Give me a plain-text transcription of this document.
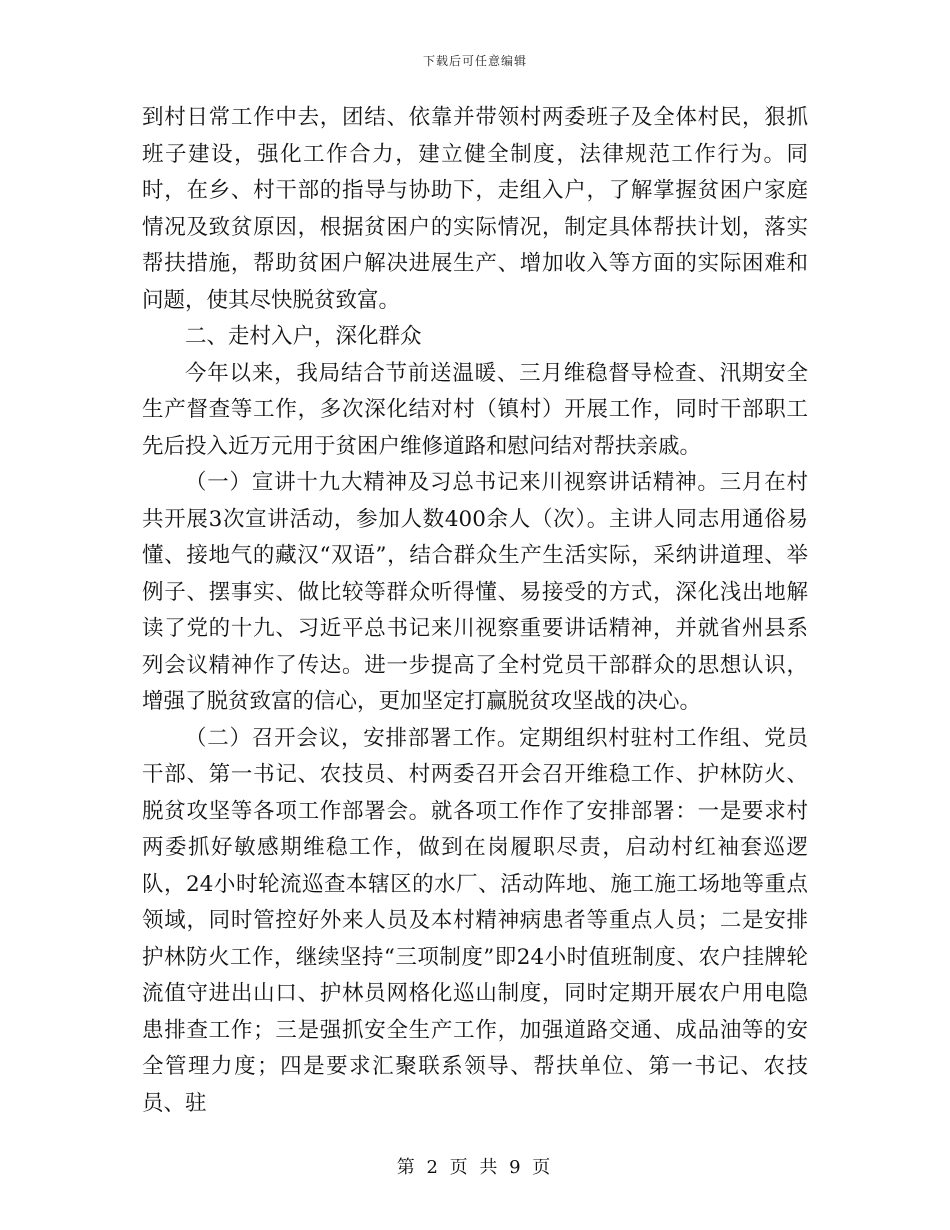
下载后可任意编辑

到村日常工作中去，团结、依靠并带领村两委班子及全体村民，狠抓班子建设，强化工作合力，建立健全制度，法律规范工作行为。同时，在乡、村干部的指导与协助下，走组入户，了解掌握贫困户家庭情况及致贫原因，根据贫困户的实际情况，制定具体帮扶计划，落实帮扶措施，帮助贫困户解决进展生产、增加收入等方面的实际困难和问题，使其尽快脱贫致富。

二、走村入户，深化群众

今年以来，我局结合节前送温暖、三月维稳督导检查、汛期安全生产督查等工作，多次深化结对村（镇村）开展工作，同时干部职工先后投入近万元用于贫困户维修道路和慰问结对帮扶亲戚。

（一）宣讲十九大精神及习总书记来川视察讲话精神。三月在村共开展3次宣讲活动，参加人数400余人（次）。主讲人同志用通俗易懂、接地气的藏汉“双语”，结合群众生产生活实际，采纳讲道理、举例子、摆事实、做比较等群众听得懂、易接受的方式，深化浅出地解读了党的十九、习近平总书记来川视察重要讲话精神，并就省州县系列会议精神作了传达。进一步提高了全村党员干部群众的思想认识，增强了脱贫致富的信心，更加坚定打赢脱贫攻坚战的决心。

（二）召开会议，安排部署工作。定期组织村驻村工作组、党员干部、第一书记、农技员、村两委召开会召开维稳工作、护林防火、脱贫攻坚等各项工作部署会。就各项工作作了安排部署：一是要求村两委抓好敏感期维稳工作，做到在岗履职尽责，启动村红袖套巡逻队，24小时轮流巡查本辖区的水厂、活动阵地、施工施工场地等重点领域，同时管控好外来人员及本村精神病患者等重点人员；二是安排护林防火工作，继续坚持“三项制度”即24小时值班制度、农户挂牌轮流值守进出山口、护林员网格化巡山制度，同时定期开展农户用电隐患排查工作；三是强抓安全生产工作，加强道路交通、成品油等的安全管理力度；四是要求汇聚联系领导、帮扶单位、第一书记、农技员、驻

第 2 页 共 9 页
